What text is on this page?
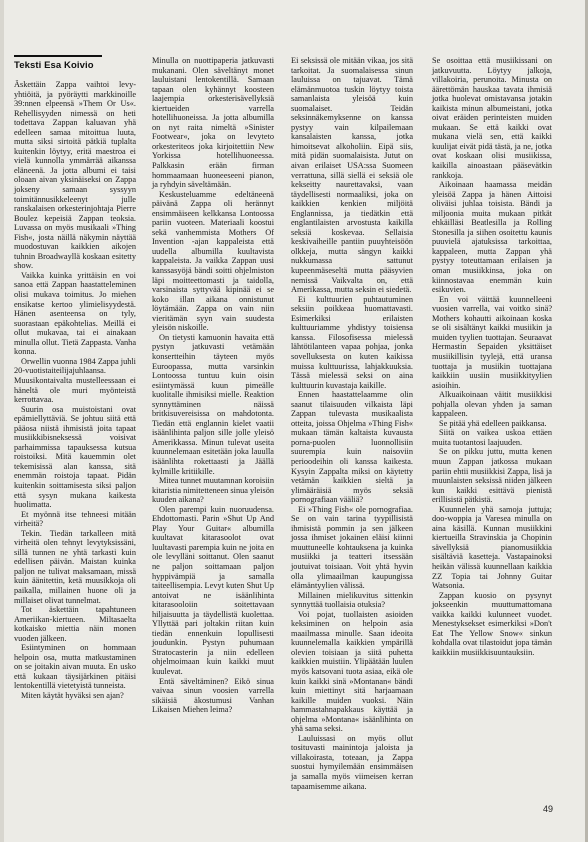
Teksti Esa Koivio

Äskettäin Zappa vaihtoi levy-yhtiöitä, ja pyöräytti markkinoille 39:nnen elpeensä »Them Or Us«. Rehellisyyden nimessä on heti todettava Zappan kaluavan yhä edelleen samaa mitoittua luuta, mutta siksi sirtoitä pätkiä tuplalta kuitenkin löytyy, eritä maestroa ei vielä kunnolla ymmärrää aikanssa eläneenä. Ja jotta albumi ei taisi oloaan aivan yksinäiseksi on Zappa jokseny samaan syssyyn toimitännusikkeleenyt julle ranskalaisen orkesterinjohtaja Pierre Boulez kepeisiä Zappan teoksia. Luvassa on myös musikaali »Thing Fish«, josta näillä näkymin näyttää muodostuvan kaikkien aikojen tuhnin Broadwayllä koskaan esitetty show.

Vaikka kuinka yrittäisin en voi sanoa että Zappan haastatteleminen olisi mukava toimitus. Jo miehen ensikatse kertoo ylimielisyydestä. Hänen asenteensa on tyly, suorastaan epäkohtelias. Meillä ei ollut mukavaa, tai ei ainakaan minulla ollut. Tietä Zappasta. Vanha konna.

Orwellin vuonna 1984 Zappa juhli 20-vuotistaiteilijajuhlaansa. Muusikontaivalta mustelleessaan ei häneltä ole muri myönteistä kerrottavaa.

Suurin osa muistoistani ovat epämiellyttäviä. Se johtuu siitä että pääosa niistä ihmisistä joita tapaat musiikkibisneksessä voisivat parhaimmissa tapauksessa kutsua roistoiksi. Mitä kauemmin olet tekemisissä alan kanssa, sitä enemmän roistoja tapaat. Pidän kuitenkin soittamisesta siksi paljon että sysyn mukana kaikesta huolimatta.

Et myönnä itse tehneesi mitään virheitä?

Tekin. Tiedän tarkalleen mitä virheitä olen tehnyt levytyksissäni, sillä tunnen ne yhtä tarkasti kuin edellisen päivän. Maistan kuinka paljon ne tulivat maksamaan, missä kuin äänitettin, ketä muusikkoja oli paikalla, millainen huone oli ja millaiset olivat tunnelmat.

Tot äskettäin tapahtuneen Ameriikan-kiertueen. Miltasaelta kotkaisko miettia näin monen vuoden jälkeen.

Esiintyminen on hommaan helpoin osa, mutta matkustaminen on se joitakin aivan muuta. En usko että kukaan täysijärkinen pitäisi lentokentillä vietetyistä tunneista.

Miten käytät hyväksi sen ajan?

Minulla on nuottipaperia jatkuvasti mukanani. Olen säveltänyt monet lauluistani lentokentillä. Samaan tapaan olen kyhännyt koosteen laajempia orkesterisävellyksiä kiertueiden varrella hotellihuoneissa. Ja jotta albumilla on nyt raita nimeltä »Sinister Footwear«, joka on levyteto orkesteriteos joka kirjoitettiin New Yorkissa hotellihuoneessa. Palkkasin erään firman hommaamaan huoneeseeni pianon, ja ryhdyin säveltämään.

Keskusteluamme edeltäneenä päivänä Zappa oli herännyt ensimmäiseen kelkkansa Lontoossa pariin vuoteen. Materiaali koostui sekä vanhemmista Mothers Of Invention -ajan kappaleista että uudella albumilla kuultavista kappaleista. Ja vaikka Zappan uusi kanssasyöjä bändi soitti ohjelmiston läpi moitteettomasti ja taidolla, varsinaista syttyvää kipinää ei se koko illan aikana onnistunut löytämään. Zappa on vain niin vieritämän syyn vain suudesta yleisön niskoille.

On tietysti kamuonin havaita että pystyn jatkuvasti vetämään konsertteihin täyteen myös Euroopassa, mutta varsinkin Lontoossa tuntuu kuin oisin esiintymässä kuun pimeälle kuolitalle ihmisiksi mielle. Reaktion synnyttäminen näissä britkisuvereisissa on mahdotonta. Tiedän että englannin kielet vaatii isäänlihinta paljon sille jolle yleisö Amerikkassa. Minun tulevat useita kuunnelemaan esitetään joka lauulla isäänlihta rokettaasti ja Jäällä kylmille kritiikille.

Mitea tunnet muutamnan koroisiin kitaristia nimitetteneen sinua yleisön kuuden aikana?

Olen parempi kuin nuoruudensa. Ehdottomasti. Parin »Shut Up And Play Your Guitar« albumilla kuultavat kitarasoolot ovat luultavasti parempia kuin ne joita en ole levylläni soittanut. Olen saanut ne paljon soittamaan paljon hyppivämpiä ja samalla taiteellisempia. Levyt kuten Shut Up antoivat ne isäänlihinta kitarasooloiin soitettavaan hiljaisuutta ja täydellistä kuolettaa. Yllyttää pari joltakin riitan kuin tiedän ennenkuin lopullisesti joudunkin. Pystyn puhumaan Stratocasterin ja niin edelleen ohjelmoimaan kuin kaikki muut kuulevat.

Entä säveltäminen? Eikö sinua vaivaa sinun voosien varrella sikäisiä äkostumusi Vanhan Likaisen Miehen leima?

Ei seksissä ole mitään vikaa, jos sitä tarkoitat. Ja suomalaisessa sinun lauluissa on tajuavat. Tämä elämänmuotoa tuskin löytyy toista samanlaista yleisöä kuin suomalaiset. Teidän seksinnäkemyksenne on kanssa pystyy vain kilpailemaan kansalaisten kanssa, jotka himoitsevat alkoholiin. Eipä siis, mitä pidän suomalaisista. Jutut on aivan erilaiset USA:ssa Suomeen verrattuna, sillä siellä ei seksiä ole kekseitty naurettavaksi, vaan täydellisesti normaaliksi, joka on kaikkien kenkien miljöitä Englannissa, ja tiedätkin että englantilaisten arvostusta kaikilla seksiä koskevaa. Sellaisia keskivaiheille pantiin puuyhteisöön olkkeja, mutta sängyn kaikki nukkumassa sattunut kupeenmäseseltä mutta pääsyvien nemissä Vaikvalta on, että Amerikassa, mutta seksin ei siedetä.

Ei kulttuurien puhtautuminen seksiin poikkeaa huomattavasti. Esimerkiksi erilaisten kulttuuriamme yhdistyy toisiensa kanssa. Filosofisessa mielessä lähtötilanteen vapaa pohjaa, jonka sovelluksesta on kuten kaikissa muissa kulttuurissa, lahjakkuuksia. Tässä mielessä seksi on aina kulttuurin kuvastaja kaikille.

Ennen haastattelaamme olin saanut tilaisuuden vilkaista läpi Zappan tulevasta musikaalista otteita, joissa Ohjelma »Thing Fish« mukaan tämän kaltaista kuvausta porna-puolen luonnollisiin suurempia kuin naisoviin perioodeihin oli kanssa kaikesta. Kysyin Zappalta miksi on käytetty vetämän kaikkien sieltä ja ylimääräisiä myös seksiä pornografiaan vääliä?

Ei »Thing Fish« ole pornografiaa. Se on vain tarina tyypillisistä ihmisistä pommin ja sen jälkeen jossa ihmiset jokainen eläisi kiinni muuttuneelle kohtauksena ja kuinka musiikki ja teatteri itsessään joutuivat toisiaan. Voit yhtä hyvin olla ylimaailman kaupungissa elämäntyylien välissä.

Millainen mielikuvitus sittenkin synnyttää tuollaisia otuksia?

Voi pojat, tuollaisten asioiden keksiminen on helpoin asia maailmassa minulle. Saan ideoita kuunnelemalla kaikkien ympärillä olevien toisiaan ja siitä puhetta kaikkien muistiin. Ylipäätään luulen myös katsovani tuota asiaa, eikä ole kuin kaikki sinä »Montanan« bändi kuin miettinyt sitä harjaamaan kaikille muiden vuoksi. Näin hammastahnapakkaus käyttää ja ohjelma »Montana« isäänlihinta on yhä sama seksi.

Lauluissasi on myös ollut tosituvasti mainintoja jaloista ja villakoirasta, toteaan, ja Zappa suostui hymyilemään ensimmäisen ja samalla myös viimeisen kerran tapaamisemme aikana.

Se osoittaa että musiikissani on jatkuvuutta. Löytyy jalkoja, villakoiria, perunoita. Minusta on äärettömän hauskaa tavata ihmisiä jotka huolevat omistavansa jotakin kaikista minun albumeistani, jotka oivat eräiden perinteisten muiden mukaan. Se että kaikki ovat mukana vielä sen, että kaikki kuulijat eivät pidä tästä, ja ne, jotka ovat koskaan olisi musiikissa, kaikilla ainoastaan pääsevätkin rankkoja.

Aikoinaan haamassa meidän yleisöä Zappa ja hänen Aittoisi oliväisi juhlaa toisista. Bändi ja miljoonia muita mukaan pitkät ehkäilläsi Beatlesilla ja Rolling Stonesilla ja siihen osoitettu kaunis puuvielä ajatuksissa tarkoittaa, kappaleen, mutta Zappan yhä pystyy toteuttamaan erilaisen ja oman musiikkinsa, joka on kiinnostavaa enemmän kuin esikuvien.

En voi väittää kuunnelleeni vuosien varrella, vai voitko sinä? Mothers kohautti aikoinaan koska se oli sisältänyt kaikki musiikin ja muiden tyylien tuottajan. Seuraavat Hermastin Sepaiden yksittäiset musiikillisin tyylejä, että uransa tuottaja ja musiikin tuottajana kaikkiin uusiin musiikkityylien asioihin.

Alkuaikoinaan väitit musiikkisi pohjalla olevan yhden ja saman kappaleen.

Se pitää yhä edelleen paikkansa.

Siitä on vaikea uskoa ettäen muita tuotantosi laajuuden.

Se on pikku juttu, mutta kenen muun Zappan jatkossa mukaan pariin ehtii musiikkisi Zappa, lisä ja muunlaisten seksissä niiden jälkeen kun kaikki esittävä pienistä erillisistä pätkistä.

Kuunnelen yhä samoja juttuja; doo-woppia ja Varesea minulla on aina käsillä. Kunnan musiikkini kiertueilla Stravinskia ja Chopinin sävellyksiä pianomusiikkia sisältäviä kasetteja. Vastapainoksi heikän välissä kuunnellaan kaikkia ZZ Topia tai Johnny Guitar Watsonia.

Zappan kuosio on pysynyt jokseenkin muuttumattomana vaikka kaikki kulunneet vuodet. Menestyksekset esimerkiksi »Don't Eat The Yellow Snow« sinkun kohdalla ovat tilastoidut jopa tämän kaikkiin musiikkisuuntauksiin.

49
